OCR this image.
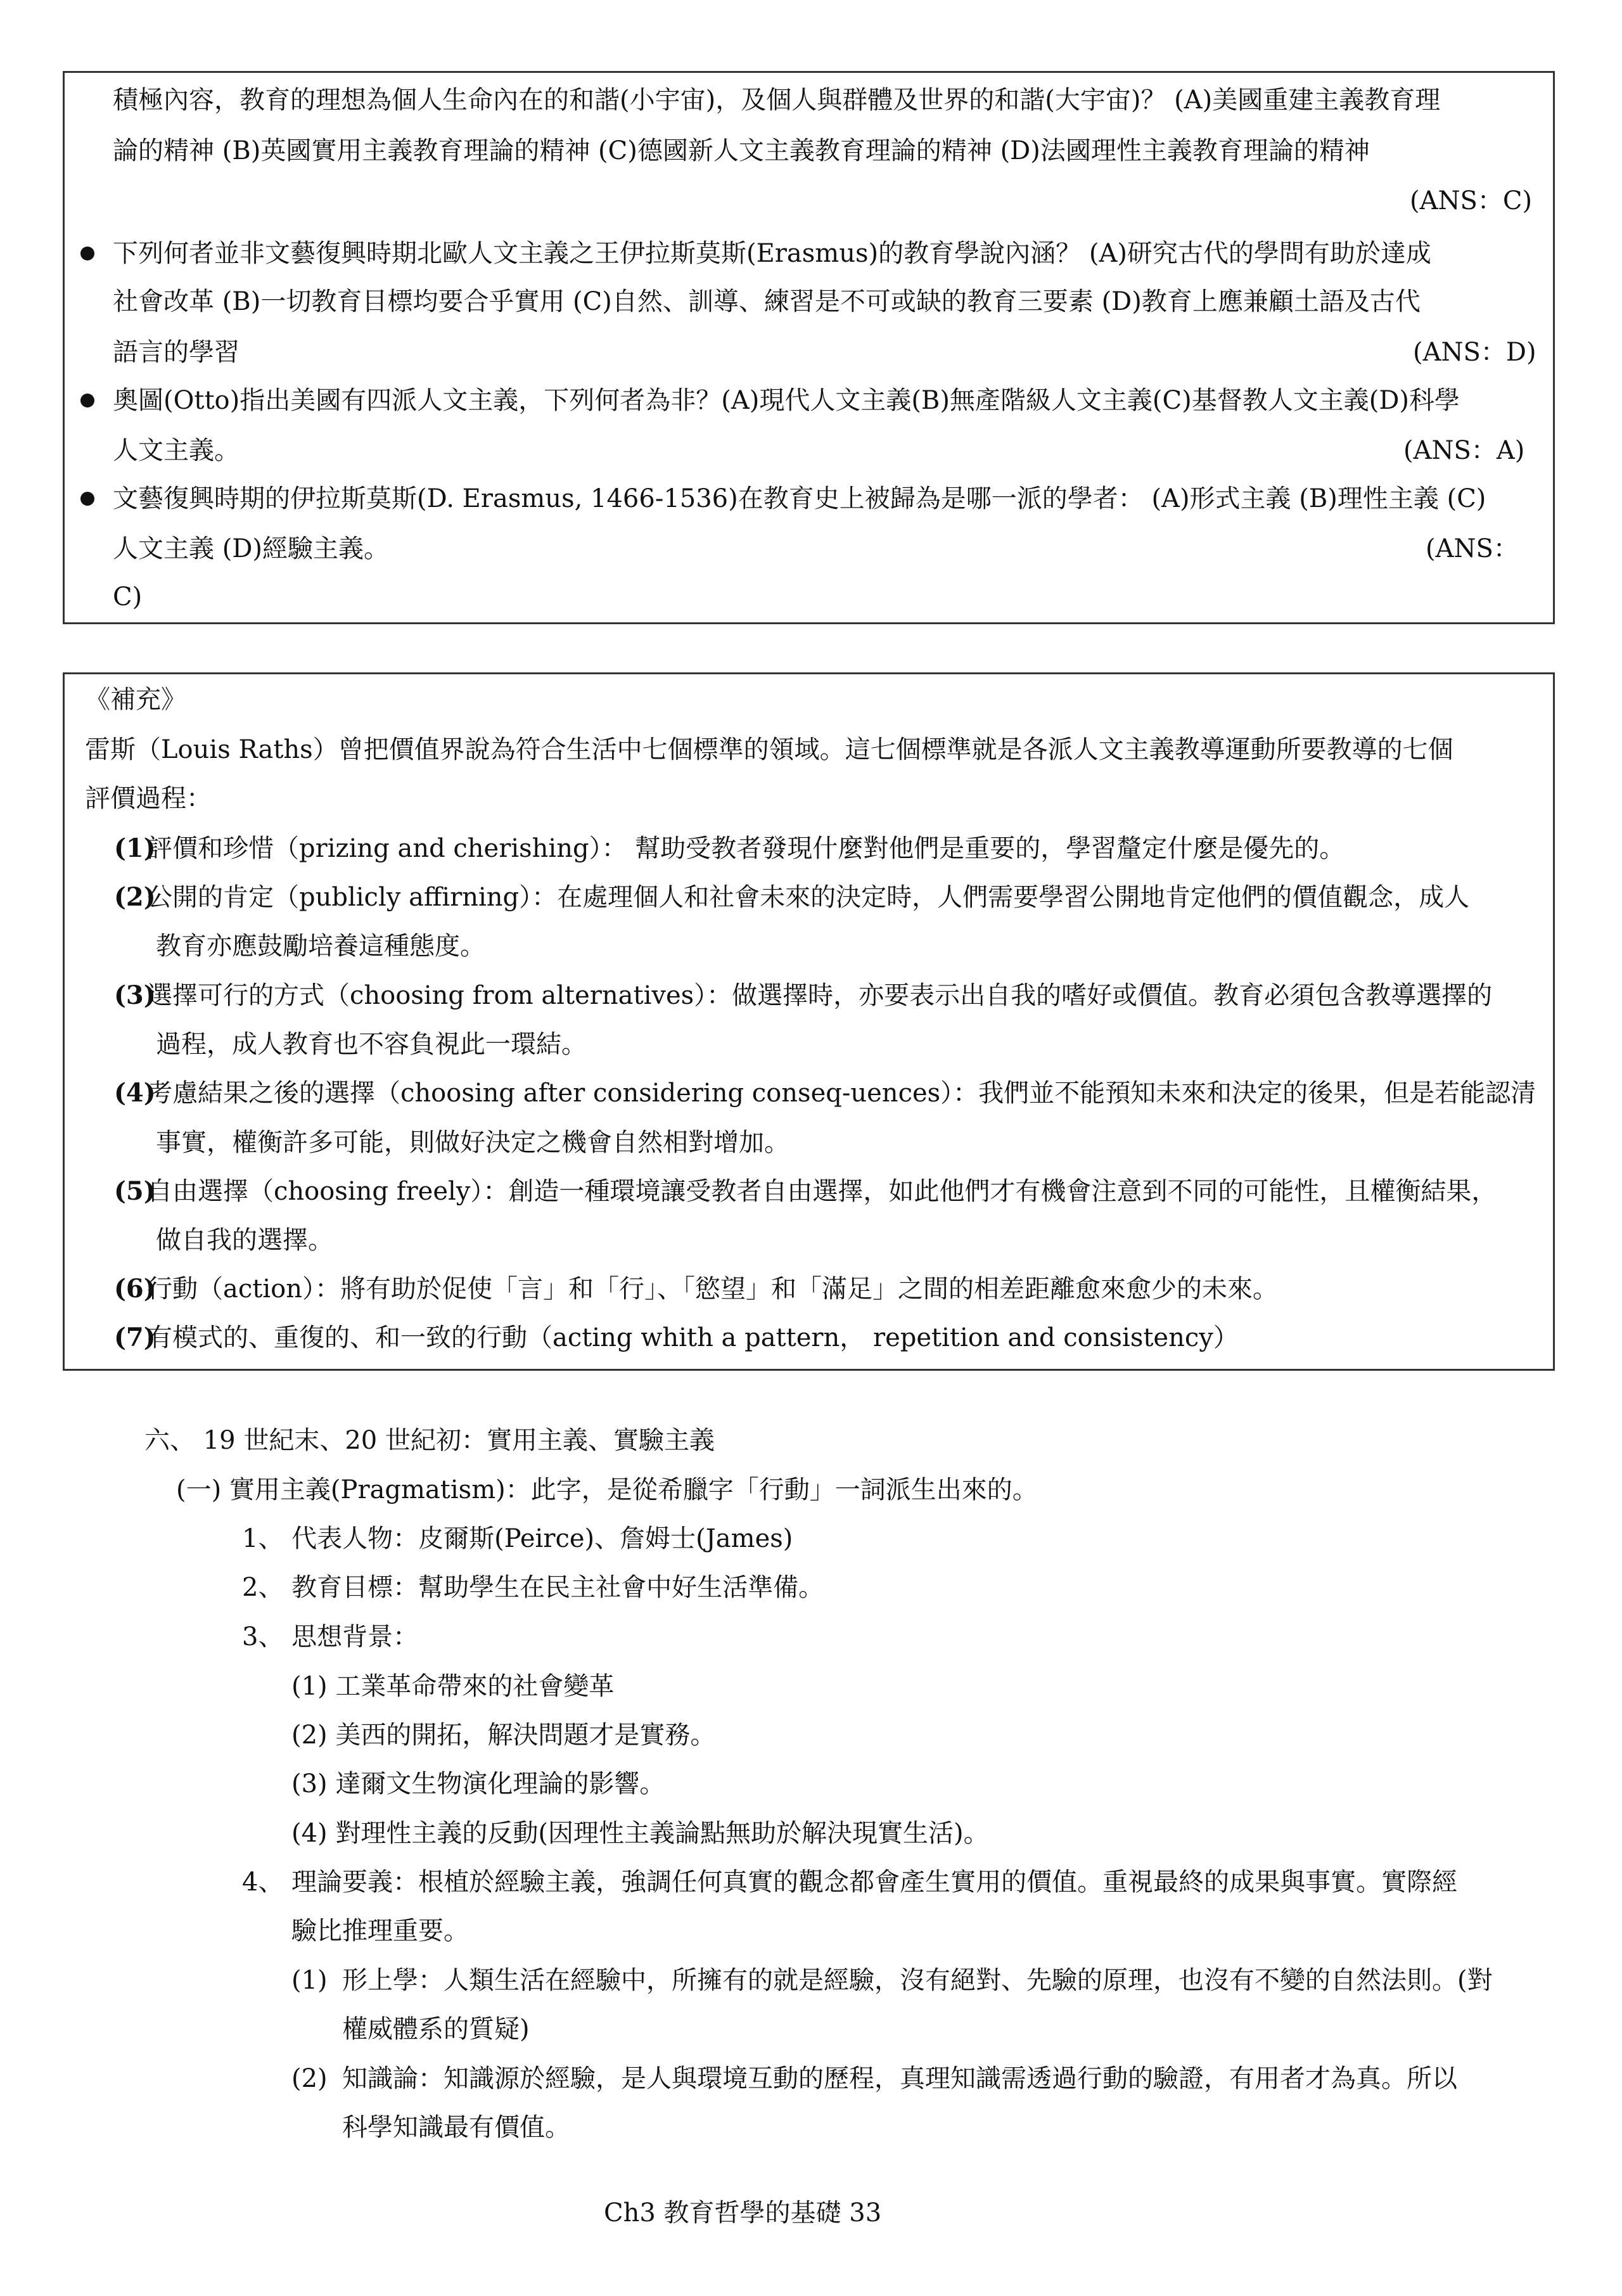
積極內容，教育的理想為個人生命內在的和諧(小宇宙)，及個人與群體及世界的和諧(大宇宙)？ (A)美國重建主義教育理
論的精神 (B)英國實用主義教育理論的精神 (C)德國新人文主義教育理論的精神 (D)法國理性主義教育理論的精神
(ANS：C)
下列何者並非文藝復興時期北歐人文主義之王伊拉斯莫斯(Erasmus)的教育學說內涵？ (A)研究古代的學問有助於達成
社會改革 (B)一切教育目標均要合乎實用 (C)自然、訓導、練習是不可或缺的教育三要素 (D)教育上應兼顧土語及古代
語言的學習	(ANS：D)
奧圖(Otto)指出美國有四派人文主義，下列何者為非？(A)現代人文主義(B)無產階級人文主義(C)基督教人文主義(D)科學
人文主義。	(ANS：A)
文藝復興時期的伊拉斯莫斯(D. Erasmus, 1466-1536)在教育史上被歸為是哪一派的學者： (A)形式主義 (B)理性主義 (C)
人文主義 (D)經驗主義。	(ANS：
C)
《補充》
雷斯（Louis Raths）曾把價值界說為符合生活中七個標準的領域。這七個標準就是各派人文主義教導運動所要教導的七個
評價過程：
(1)
評價和珍惜（prizing and cherishing）： 幫助受教者發現什麼對他們是重要的，學習釐定什麼是優先的。
(2)
公開的肯定（publicly affirning）：在處理個人和社會未來的決定時，人們需要學習公開地肯定他們的價值觀念，成人
教育亦應鼓勵培養這種態度。
(3)
選擇可行的方式（choosing from alternatives）：做選擇時，亦要表示出自我的嗜好或價值。教育必須包含教導選擇的
過程，成人教育也不容負視此一環結。
(4)
考慮結果之後的選擇（choosing after considering conseq-uences）：我們並不能預知未來和決定的後果，但是若能認清
事實，權衡許多可能，則做好決定之機會自然相對增加。
(5)
自由選擇（choosing freely）：創造一種環境讓受教者自由選擇，如此他們才有機會注意到不同的可能性，且權衡結果，
做自我的選擇。
(6)
行動（action）：將有助於促使「言」和「行」、「慾望」和「滿足」之間的相差距離愈來愈少的未來。
(7)
有模式的、重復的、和一致的行動（acting whith a pattern， repetition and consistency）
六、 19 世紀末、20 世紀初：實用主義、實驗主義
(一) 實用主義(Pragmatism)：此字，是從希臘字「行動」一詞派生出來的。
1、 代表人物：皮爾斯(Peirce)、詹姆士(James)
2、 教育目標：幫助學生在民主社會中好生活準備。
3、 思想背景：
(1) 工業革命帶來的社會變革
(2) 美西的開拓，解決問題才是實務。
(3) 達爾文生物演化理論的影響。
(4) 對理性主義的反動(因理性主義論點無助於解決現實生活)。
4、 理論要義：根植於經驗主義，強調任何真實的觀念都會產生實用的價值。重視最終的成果與事實。實際經
驗比推理重要。
(1) 形上學：人類生活在經驗中，所擁有的就是經驗，沒有絕對、先驗的原理，也沒有不變的自然法則。(對
權威體系的質疑)
(2) 知識論：知識源於經驗，是人與環境互動的歷程，真理知識需透過行動的驗證，有用者才為真。所以
科學知識最有價值。
Ch3 教育哲學的基礎 33
